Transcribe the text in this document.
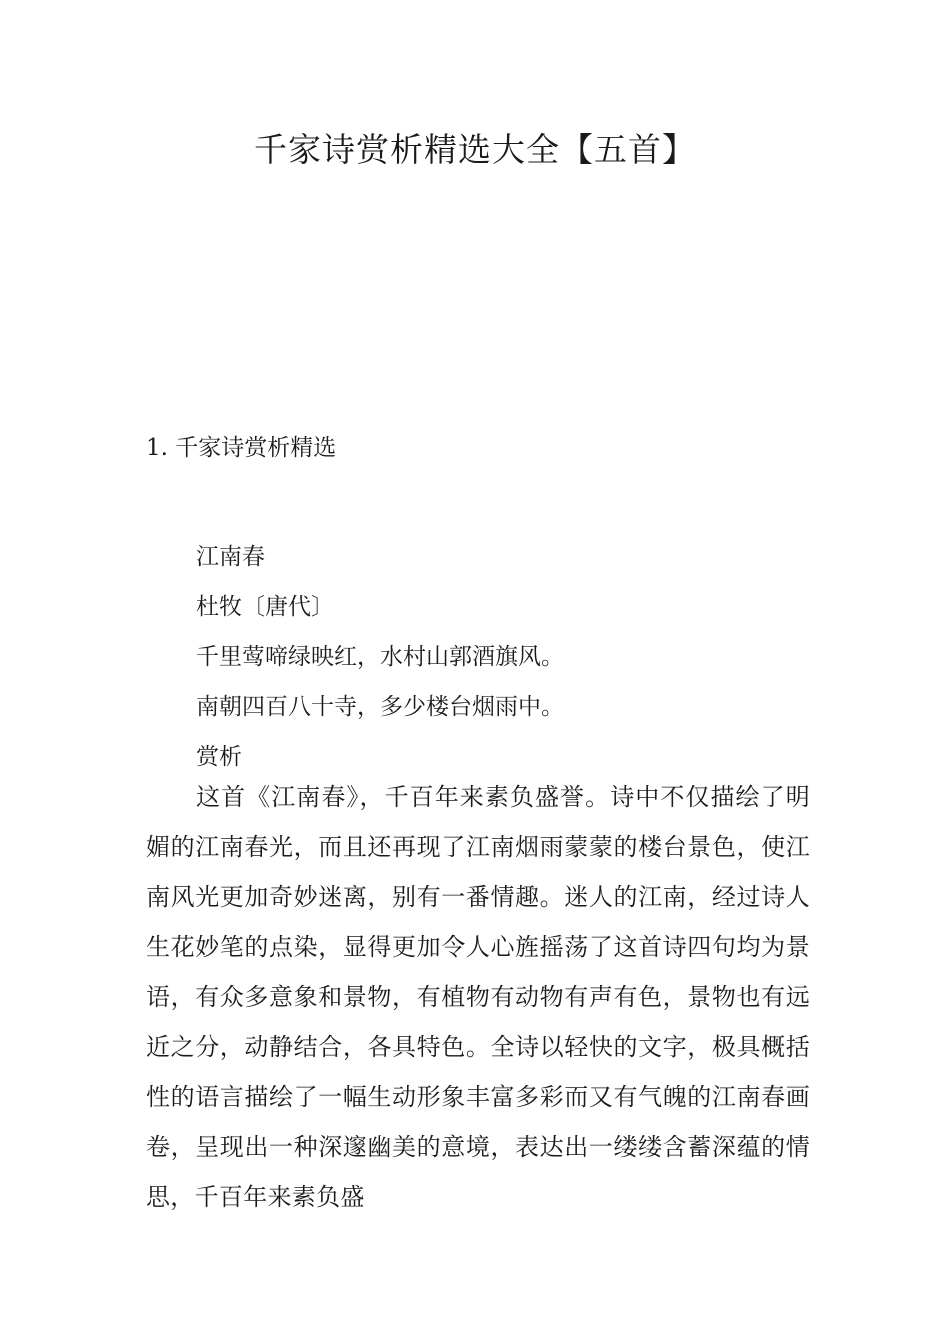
千家诗赏析精选大全【五首】
1. 千家诗赏析精选
江南春
杜牧〔唐代〕
千里莺啼绿映红，水村山郭酒旗风。
南朝四百八十寺，多少楼台烟雨中。
赏析

这首《江南春》，千百年来素负盛誉。诗中不仅描绘了明媚的江南春光，而且还再现了江南烟雨蒙蒙的楼台景色，使江南风光更加奇妙迷离，别有一番情趣。迷人的江南，经过诗人生花妙笔的点染，显得更加令人心旌摇荡了这首诗四句均为景语，有众多意象和景物，有植物有动物有声有色，景物也有远近之分，动静结合，各具特色。全诗以轻快的文字，极具概括性的语言描绘了一幅生动形象丰富多彩而又有气魄的江南春画卷，呈现出一种深邃幽美的意境，表达出一缕缕含蓄深蕴的情思，千百年来素负盛
